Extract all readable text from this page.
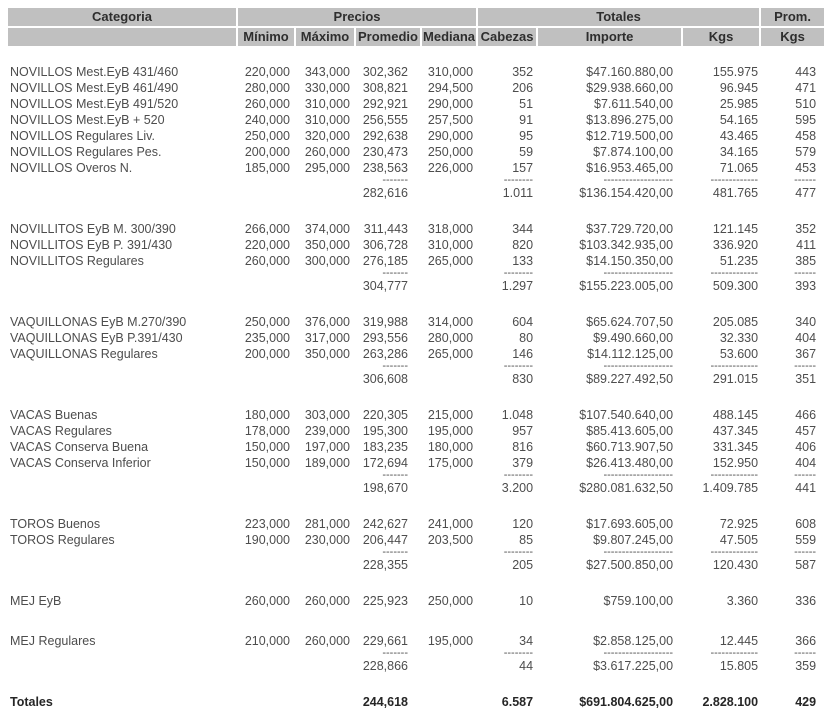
Categoria	Precios				Totales			Prom.
	Mínimo	Máximo	Promedio	Mediana	Cabezas	Importe	Kgs	Kgs

NOVILLOS Mest.EyB 431/460	220,000	343,000	302,362	310,000	352	$47.160.880,00	155.975	443
NOVILLOS Mest.EyB 461/490	280,000	330,000	308,821	294,500	206	$29.938.660,00	96.945	471
NOVILLOS Mest.EyB 491/520	260,000	310,000	292,921	290,000	51	$7.611.540,00	25.985	510
NOVILLOS Mest.EyB + 520	240,000	310,000	256,555	257,500	91	$13.896.275,00	54.165	595
NOVILLOS Regulares Liv.	250,000	320,000	292,638	290,000	95	$12.719.500,00	43.465	458
NOVILLOS Regulares Pes.	200,000	260,000	230,473	250,000	59	$7.874.100,00	34.165	579
NOVILLOS Overos N.	185,000	295,000	238,563	226,000	157	$16.953.465,00	71.065	453
			-------		--------	-------------------	-------------	------
			282,616		1.011	$136.154.420,00	481.765	477

NOVILLITOS EyB M. 300/390	266,000	374,000	311,443	318,000	344	$37.729.720,00	121.145	352
NOVILLITOS EyB P. 391/430	220,000	350,000	306,728	310,000	820	$103.342.935,00	336.920	411
NOVILLITOS Regulares	260,000	300,000	276,185	265,000	133	$14.150.350,00	51.235	385
			-------		--------	-------------------	-------------	------
			304,777		1.297	$155.223.005,00	509.300	393

VAQUILLONAS EyB M.270/390	250,000	376,000	319,988	314,000	604	$65.624.707,50	205.085	340
VAQUILLONAS EyB P.391/430	235,000	317,000	293,556	280,000	80	$9.490.660,00	32.330	404
VAQUILLONAS Regulares	200,000	350,000	263,286	265,000	146	$14.112.125,00	53.600	367
			-------		--------	-------------------	-------------	------
			306,608		830	$89.227.492,50	291.015	351

VACAS Buenas	180,000	303,000	220,305	215,000	1.048	$107.540.640,00	488.145	466
VACAS Regulares	178,000	239,000	195,300	195,000	957	$85.413.605,00	437.345	457
VACAS Conserva Buena	150,000	197,000	183,235	180,000	816	$60.713.907,50	331.345	406
VACAS Conserva Inferior	150,000	189,000	172,694	175,000	379	$26.413.480,00	152.950	404
			-------		--------	-------------------	-------------	------
			198,670		3.200	$280.081.632,50	1.409.785	441

TOROS Buenos	223,000	281,000	242,627	241,000	120	$17.693.605,00	72.925	608
TOROS Regulares	190,000	230,000	206,447	203,500	85	$9.807.245,00	47.505	559
			-------		--------	-------------------	-------------	------
			228,355		205	$27.500.850,00	120.430	587

MEJ EyB	260,000	260,000	225,923	250,000	10	$759.100,00	3.360	336

MEJ Regulares	210,000	260,000	229,661	195,000	34	$2.858.125,00	12.445	366
			-------		--------	-------------------	-------------	------
			228,866		44	$3.617.225,00	15.805	359

Totales			244,618		6.587	$691.804.625,00	2.828.100	429
